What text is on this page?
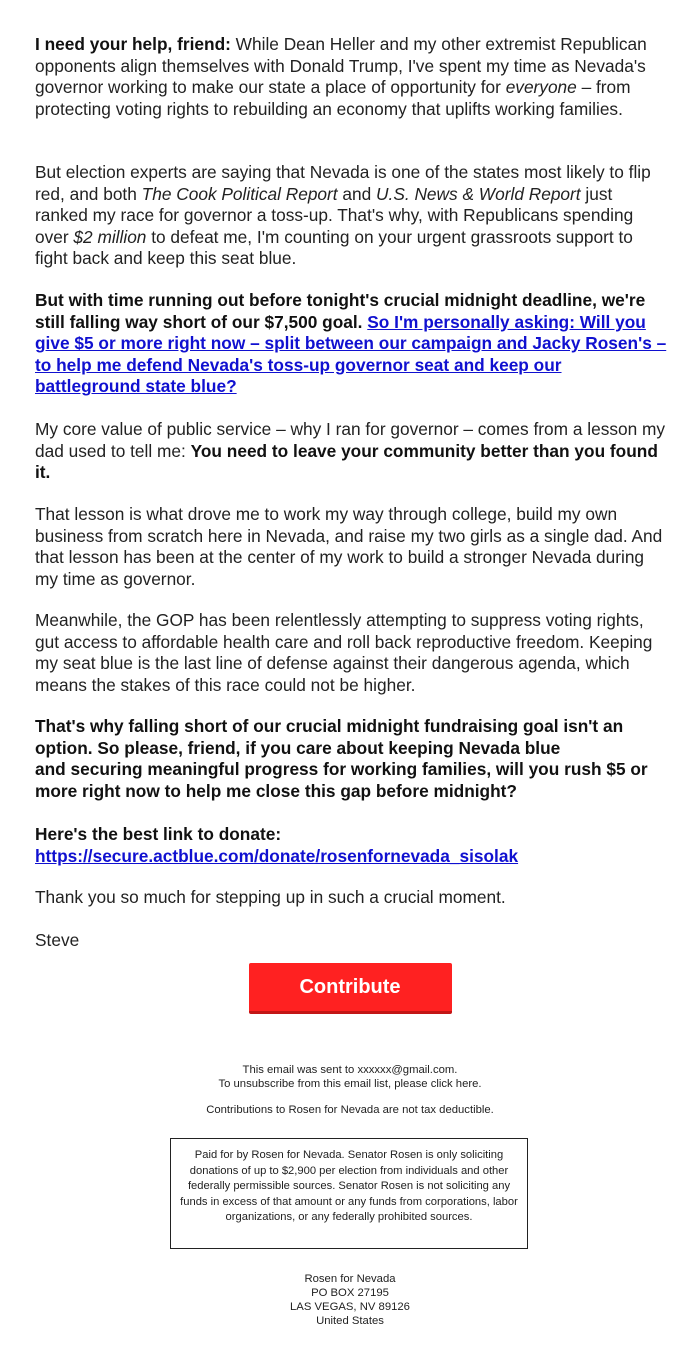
I need your help, friend: While Dean Heller and my other extremist Republican opponents align themselves with Donald Trump, I've spent my time as Nevada's governor working to make our state a place of opportunity for everyone – from protecting voting rights to rebuilding an economy that uplifts working families.

But election experts are saying that Nevada is one of the states most likely to flip red, and both The Cook Political Report and U.S. News & World Report just ranked my race for governor a toss-up. That's why, with Republicans spending over $2 million to defeat me, I'm counting on your urgent grassroots support to fight back and keep this seat blue.

But with time running out before tonight's crucial midnight deadline, we're still falling way short of our $7,500 goal. So I'm personally asking: Will you give $5 or more right now – split between our campaign and Jacky Rosen's – to help me defend Nevada's toss-up governor seat and keep our battleground state blue?

My core value of public service – why I ran for governor – comes from a lesson my dad used to tell me: You need to leave your community better than you found it.

That lesson is what drove me to work my way through college, build my own business from scratch here in Nevada, and raise my two girls as a single dad. And that lesson has been at the center of my work to build a stronger Nevada during my time as governor.

Meanwhile, the GOP has been relentlessly attempting to suppress voting rights, gut access to affordable health care and roll back reproductive freedom. Keeping my seat blue is the last line of defense against their dangerous agenda, which means the stakes of this race could not be higher.

That's why falling short of our crucial midnight fundraising goal isn't an option. So please, friend, if you care about keeping Nevada blue

and securing meaningful progress for working families, will you rush $5 or more right now to help me close this gap before midnight?

Here's the best link to donate:

https://secure.actblue.com/donate/rosenfornevada_sisolak

Thank you so much for stepping up in such a crucial moment.

Steve

Contribute
This email was sent to xxxxxx@gmail.com.
To unsubscribe from this email list, please click here.
Contributions to Rosen for Nevada are not tax deductible.
Paid for by Rosen for Nevada. Senator Rosen is only soliciting donations of up to $2,900 per election from individuals and other federally permissible sources. Senator Rosen is not soliciting any funds in excess of that amount or any funds from corporations, labor organizations, or any federally prohibited sources.
Rosen for Nevada
PO BOX 27195
LAS VEGAS, NV 89126
United States
